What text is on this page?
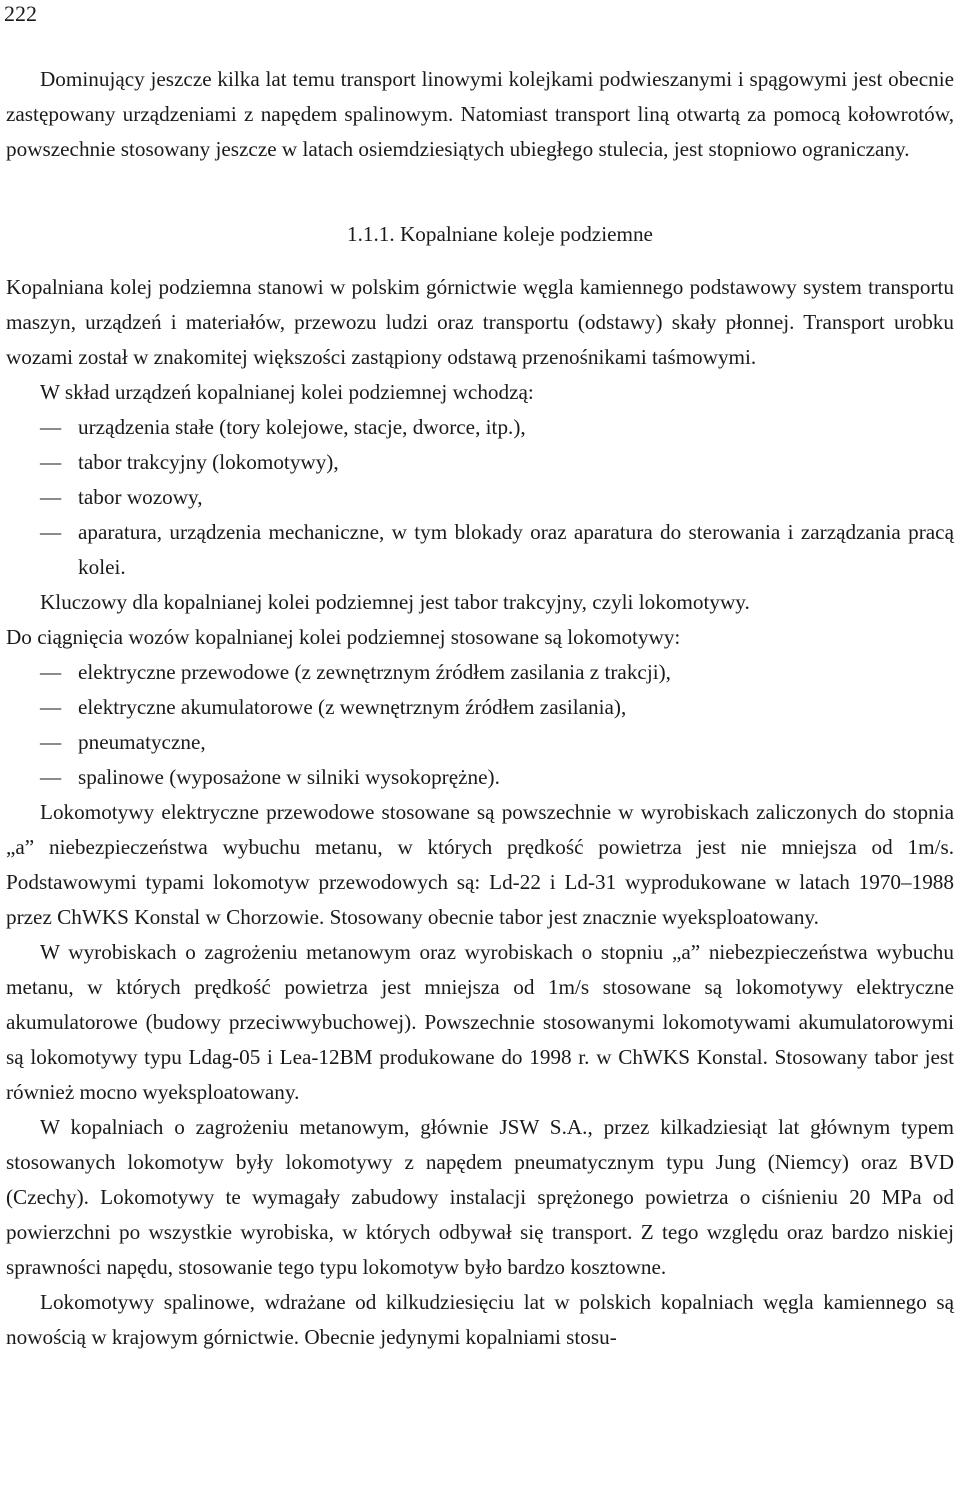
222

Dominujący jeszcze kilka lat temu transport linowymi kolejkami podwieszanymi i spągowymi jest obecnie zastępowany urządzeniami z napędem spalinowym. Natomiast transport liną otwartą za pomocą kołowrotów, powszechnie stosowany jeszcze w latach osiemdziesiątych ubiegłego stulecia, jest stopniowo ograniczany.

1.1.1. Kopalniane koleje podziemne

Kopalniana kolej podziemna stanowi w polskim górnictwie węgla kamiennego podstawowy system transportu maszyn, urządzeń i materiałów, przewozu ludzi oraz transportu (odstawy) skały płonnej. Transport urobku wozami został w znakomitej większości zastąpiony odstawą przenośnikami taśmowymi.

W skład urządzeń kopalnianej kolei podziemnej wchodzą:

— urządzenia stałe (tory kolejowe, stacje, dworce, itp.),
— tabor trakcyjny (lokomotywy),
— tabor wozowy,
— aparatura, urządzenia mechaniczne, w tym blokady oraz aparatura do sterowania i zarządzania pracą kolei.

Kluczowy dla kopalnianej kolei podziemnej jest tabor trakcyjny, czyli lokomotywy.

Do ciągnięcia wozów kopalnianej kolei podziemnej stosowane są lokomotywy:

— elektryczne przewodowe (z zewnętrznym źródłem zasilania z trakcji),
— elektryczne akumulatorowe (z wewnętrznym źródłem zasilania),
— pneumatyczne,
— spalinowe (wyposażone w silniki wysokoprężne).

Lokomotywy elektryczne przewodowe stosowane są powszechnie w wyrobiskach zaliczonych do stopnia „a” niebezpieczeństwa wybuchu metanu, w których prędkość powietrza jest nie mniejsza od 1m/s. Podstawowymi typami lokomotyw przewodowych są: Ld-22 i Ld-31 wyprodukowane w latach 1970–1988 przez ChWKS Konstal w Chorzowie. Stosowany obecnie tabor jest znacznie wyeksploatowany.

W wyrobiskach o zagrożeniu metanowym oraz wyrobiskach o stopniu „a” niebezpieczeństwa wybuchu metanu, w których prędkość powietrza jest mniejsza od 1m/s stosowane są lokomotywy elektryczne akumulatorowe (budowy przeciwwybuchowej). Powszechnie stosowanymi lokomotywami akumulatorowymi są lokomotywy typu Ldag-05 i Lea-12BM produkowane do 1998 r. w ChWKS Konstal. Stosowany tabor jest również mocno wyeksploatowany.

W kopalniach o zagrożeniu metanowym, głównie JSW S.A., przez kilkadziesiąt lat głównym typem stosowanych lokomotyw były lokomotywy z napędem pneumatycznym typu Jung (Niemcy) oraz BVD (Czechy). Lokomotywy te wymagały zabudowy instalacji sprężonego powietrza o ciśnieniu 20 MPa od powierzchni po wszystkie wyrobiska, w których odbywał się transport. Z tego względu oraz bardzo niskiej sprawności napędu, stosowanie tego typu lokomotyw było bardzo kosztowne.

Lokomotywy spalinowe, wdrażane od kilkudziesięciu lat w polskich kopalniach węgla kamiennego są nowością w krajowym górnictwie. Obecnie jedynymi kopalniami stosu-
